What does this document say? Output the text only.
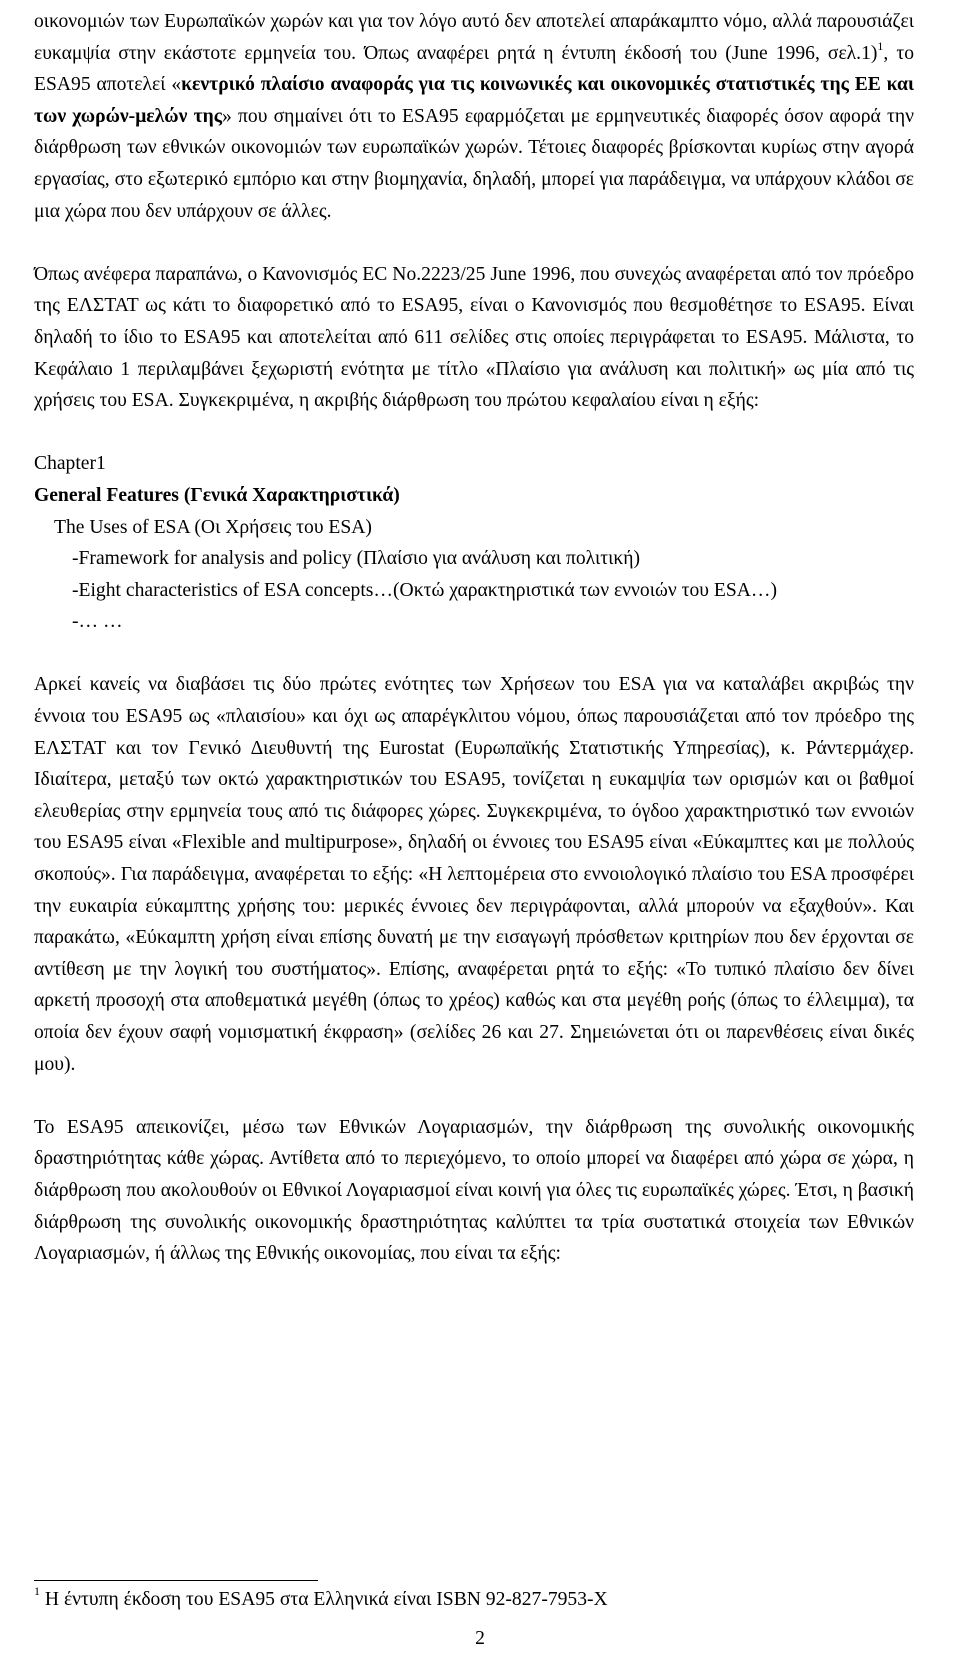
οικονομιών των Ευρωπαϊκών χωρών και για τον λόγο αυτό δεν αποτελεί απαράκαμπτο νόμο, αλλά παρουσιάζει ευκαμψία στην εκάστοτε ερμηνεία του. Όπως αναφέρει ρητά η έντυπη έκδοσή του (June 1996, σελ.1)$^1$, το ESA95 αποτελεί «κεντρικό πλαίσιο αναφοράς για τις κοινωνικές και οικονομικές στατιστικές της ΕΕ και των χωρών-μελών της» που σημαίνει ότι το ESA95 εφαρμόζεται με ερμηνευτικές διαφορές όσον αφορά την διάρθρωση των εθνικών οικονομιών των ευρωπαϊκών χωρών. Τέτοιες διαφορές βρίσκονται κυρίως στην αγορά εργασίας, στο εξωτερικό εμπόριο και στην βιομηχανία, δηλαδή, μπορεί για παράδειγμα, να υπάρχουν κλάδοι σε μια χώρα που δεν υπάρχουν σε άλλες.

Όπως ανέφερα παραπάνω, ο Κανονισμός EC No.2223/25 June 1996, που συνεχώς αναφέρεται από τον πρόεδρο της ΕΛΣΤΑΤ ως κάτι το διαφορετικό από το ESA95, είναι ο Κανονισμός που θεσμοθέτησε το ESA95. Είναι δηλαδή το ίδιο το ESA95 και αποτελείται από 611 σελίδες στις οποίες περιγράφεται το ESA95. Μάλιστα, το Κεφάλαιο 1 περιλαμβάνει ξεχωριστή ενότητα με τίτλο «Πλαίσιο για ανάλυση και πολιτική» ως μία από τις χρήσεις του ESA. Συγκεκριμένα, η ακριβής διάρθρωση του πρώτου κεφαλαίου είναι η εξής:

Chapter1
General Features (Γενικά Χαρακτηριστικά)
The Uses of ESA (Οι Χρήσεις του ESA)
-Framework for analysis and policy (Πλαίσιο για ανάλυση και πολιτική)
-Eight characteristics of ESA concepts…(Οκτώ χαρακτηριστικά των εννοιών του ESA…)
-… …

Αρκεί κανείς να διαβάσει τις δύο πρώτες ενότητες των Χρήσεων του ESA για να καταλάβει ακριβώς την έννοια του ESA95 ως «πλαισίου» και όχι ως απαρέγκλιτου νόμου, όπως παρουσιάζεται από τον πρόεδρο της ΕΛΣΤΑΤ και τον Γενικό Διευθυντή της Eurostat (Ευρωπαϊκής Στατιστικής Υπηρεσίας), κ. Ράντερμάχερ. Ιδιαίτερα, μεταξύ των οκτώ χαρακτηριστικών του ESA95, τονίζεται η ευκαμψία των ορισμών και οι βαθμοί ελευθερίας στην ερμηνεία τους από τις διάφορες χώρες. Συγκεκριμένα, το όγδοο χαρακτηριστικό των εννοιών του ESA95 είναι «Flexible and multipurpose», δηλαδή οι έννοιες του ESA95 είναι «Εύκαμπτες και με πολλούς σκοπούς». Για παράδειγμα, αναφέρεται το εξής: «Η λεπτομέρεια στο εννοιολογικό πλαίσιο του ESA προσφέρει την ευκαιρία εύκαμπτης χρήσης του: μερικές έννοιες δεν περιγράφονται, αλλά μπορούν να εξαχθούν». Και παρακάτω, «Εύκαμπτη χρήση είναι επίσης δυνατή με την εισαγωγή πρόσθετων κριτηρίων που δεν έρχονται σε αντίθεση με την λογική του συστήματος». Επίσης, αναφέρεται ρητά το εξής: «Το τυπικό πλαίσιο δεν δίνει αρκετή προσοχή στα αποθεματικά μεγέθη (όπως το χρέος) καθώς και στα μεγέθη ροής (όπως το έλλειμμα), τα οποία δεν έχουν σαφή νομισματική έκφραση» (σελίδες 26 και 27. Σημειώνεται ότι οι παρενθέσεις είναι δικές μου).

Το ESA95 απεικονίζει, μέσω των Εθνικών Λογαριασμών, την διάρθρωση της συνολικής οικονομικής δραστηριότητας κάθε χώρας. Αντίθετα από το περιεχόμενο, το οποίο μπορεί να διαφέρει από χώρα σε χώρα, η διάρθρωση που ακολουθούν οι Εθνικοί Λογαριασμοί είναι κοινή για όλες τις ευρωπαϊκές χώρες. Έτσι, η βασική διάρθρωση της συνολικής οικονομικής δραστηριότητας καλύπτει τα τρία συστατικά στοιχεία των Εθνικών Λογαριασμών, ή άλλως της Εθνικής οικονομίας, που είναι τα εξής:

$^1$ Η έντυπη έκδοση του ESA95 στα Ελληνικά είναι ISBN 92-827-7953-Χ
2
